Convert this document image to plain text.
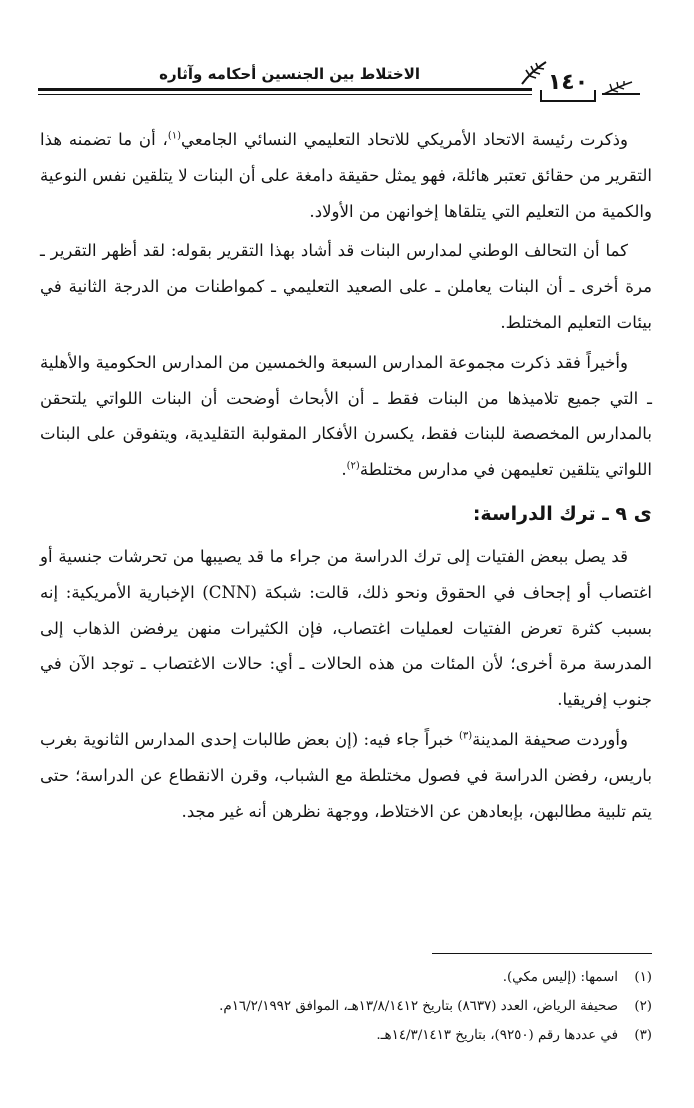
الاختلاط بين الجنسين أحكامه وآثاره	١٤٠

وذكرت رئيسة الاتحاد الأمريكي للاتحاد التعليمي النسائي الجامعي$^{(١)}$، أن ما تضمنه هذا التقرير من حقائق تعتبر هائلة، فهو يمثل حقيقة دامغة على أن البنات لا يتلقين نفس النوعية والكمية من التعليم التي يتلقاها إخوانهن من الأولاد.

كما أن التحالف الوطني لمدارس البنات قد أشاد بهذا التقرير بقوله: لقد أظهر التقرير ـ مرة أخرى ـ أن البنات يعاملن ـ على الصعيد التعليمي ـ كمواطنات من الدرجة الثانية في بيئات التعليم المختلط.

وأخيراً فقد ذكرت مجموعة المدارس السبعة والخمسين من المدارس الحكومية والأهلية ـ التي جميع تلاميذها من البنات فقط ـ أن الأبحاث أوضحت أن البنات اللواتي يلتحقن بالمدارس المخصصة للبنات فقط، يكسرن الأفكار المقولبة التقليدية، ويتفوقن على البنات اللواتي يتلقين تعليمهن في مدارس مختلطة$^{(٢)}$.

ى ٩ ـ ترك الدراسة:

قد يصل ببعض الفتيات إلى ترك الدراسة من جراء ما قد يصيبها من تحرشات جنسية أو اغتصاب أو إجحاف في الحقوق ونحو ذلك، قالت: شبكة (CNN) الإخبارية الأمريكية: إنه بسبب كثرة تعرض الفتيات لعمليات اغتصاب، فإن الكثيرات منهن يرفضن الذهاب إلى المدرسة مرة أخرى؛ لأن المئات من هذه الحالات ـ أي: حالات الاغتصاب ـ توجد الآن في جنوب إفريقيا.

وأوردت صحيفة المدينة$^{(٣)}$ خبراً جاء فيه: (إن بعض طالبات إحدى المدارس الثانوية بغرب باريس، رفضن الدراسة في فصول مختلطة مع الشباب، وقرن الانقطاع عن الدراسة؛ حتى يتم تلبية مطالبهن، بإبعادهن عن الاختلاط، ووجهة نظرهن أنه غير مجد.

(١)اسمها: (إليس مكي).
(٢)صحيفة الرياض، العدد (٨٦٣٧) بتاريخ ١٣/٨/١٤١٢هـ، الموافق ١٦/٢/١٩٩٢م.
(٣)في عددها رقم (٩٢٥٠)، بتاريخ ١٤/٣/١٤١٣هـ.
